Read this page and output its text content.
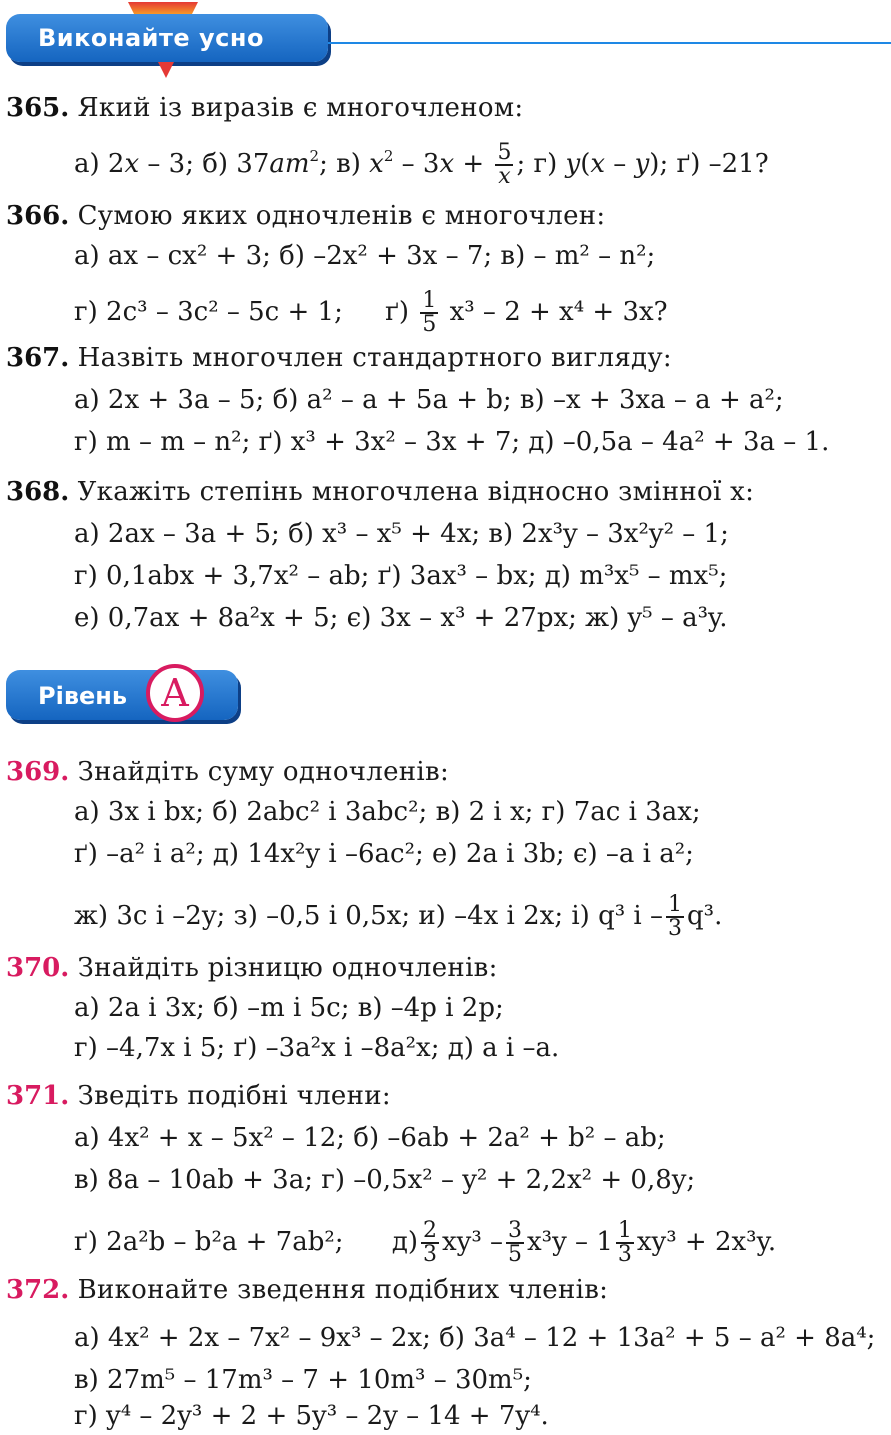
Виконайте усно
365. Який із виразів є многочленом:
а) 2x – 3; б) $37am^2$; в) $x^2 - 3x + \frac{5}{x}$ ; г) y(x – y); ґ) –21?
366. Сумою яких одночленів є многочлен:
а) ax – cx² + 3; б) –2x² + 3x – 7; в) – m² – n²;
г) 2c³ – 3c² – 5c + 1; $ґ) \frac{1}{5} x^3 - 2 + x^4 + 3x$?
367. Назвіть многочлен стандартного вигляду:
а) 2x + 3a – 5; б) a² – a + 5a + b; в) –x + 3xa – a + a²;
г) m – m – n²; ґ) x³ + 3x² – 3x + 7; д) –0,5a – 4a² + 3a – 1.
368. Укажіть степінь многочлена відносно змінної x:
а) 2ax – 3a + 5; б) x³ – x⁵ + 4x; в) 2x³y – 3x²y² – 1;
г) 0,1abx + 3,7x² – ab; ґ) 3ax³ – bx; д) m³x⁵ – mx⁵;
е) 0,7ax + 8a²x + 5; є) 3x – x³ + 27px; ж) y⁵ – a³y.
Рівень А
369. Знайдіть суму одночленів:
а) 3x і bx; б) 2abc² і 3abc²; в) 2 і x; г) 7ac і 3ax;
ґ) –a² і a²; д) 14x²y і –6ac²; е) 2a і 3b; є) –a і a²;
ж) 3c і –2y; з) –0,5 і 0,5x; и) –4x і 2x; і) q³ і – $\frac{1}{3} q^3$.
370. Знайдіть різницю одночленів:
а) 2a і 3x; б) –m і 5c; в) –4p і 2p;
г) –4,7x і 5; ґ) –3a²x і –8a²x; д) a і –a.
371. Зведіть подібні члени:
а) 4x² + x – 5x² – 12; б) –6ab + 2a² + b² – ab;
в) 8a – 10ab + 3a; г) –0,5x² – y² + 2,2x² + 0,8y;
ґ) 2a²b – b²a + 7ab²; $д) \frac{2}{3} xy^3 - \frac{3}{5} x^3y - 1 \frac{1}{3} xy^3 + 2x^3y$.
372. Виконайте зведення подібних членів:
а) 4x² + 2x – 7x² – 9x³ – 2x; б) 3a⁴ – 12 + 13a² + 5 – a² + 8a⁴;
в) 27m⁵ – 17m³ – 7 + 10m³ – 30m⁵;
г) y⁴ – 2y³ + 2 + 5y³ – 2y – 14 + 7y⁴.
